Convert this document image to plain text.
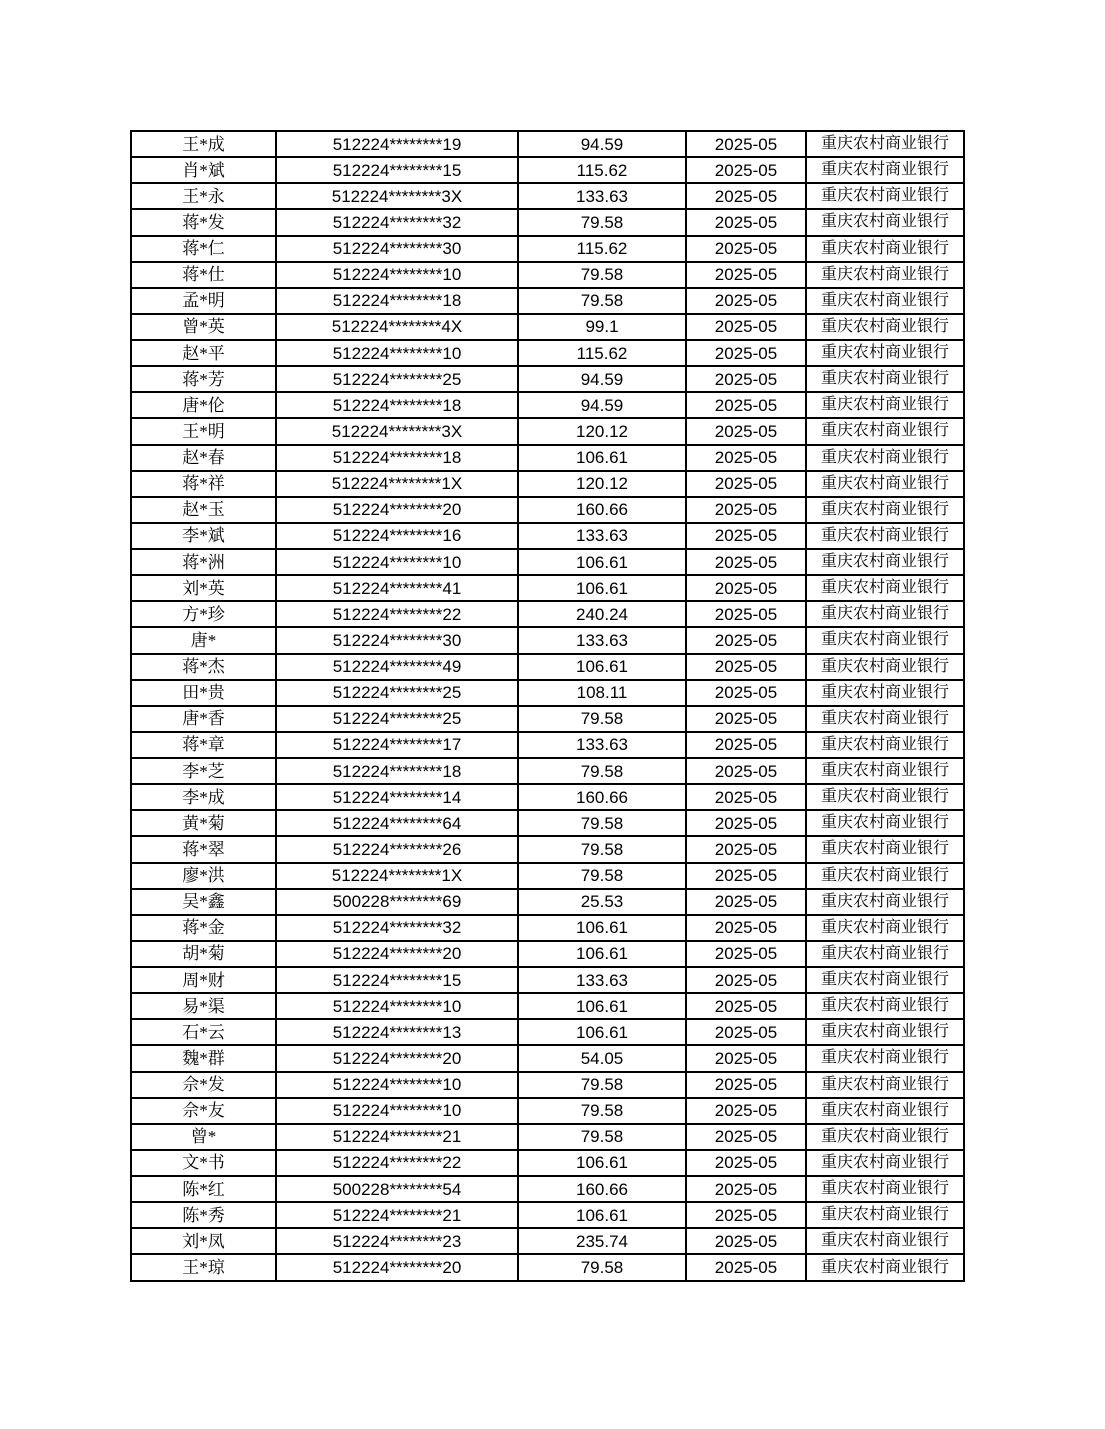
王*成	512224********19	94.59	2025-05	重庆农村商业银行
肖*斌	512224********15	115.62	2025-05	重庆农村商业银行
王*永	512224********3X	133.63	2025-05	重庆农村商业银行
蒋*发	512224********32	79.58	2025-05	重庆农村商业银行
蒋*仁	512224********30	115.62	2025-05	重庆农村商业银行
蒋*仕	512224********10	79.58	2025-05	重庆农村商业银行
孟*明	512224********18	79.58	2025-05	重庆农村商业银行
曾*英	512224********4X	99.1	2025-05	重庆农村商业银行
赵*平	512224********10	115.62	2025-05	重庆农村商业银行
蒋*芳	512224********25	94.59	2025-05	重庆农村商业银行
唐*伦	512224********18	94.59	2025-05	重庆农村商业银行
王*明	512224********3X	120.12	2025-05	重庆农村商业银行
赵*春	512224********18	106.61	2025-05	重庆农村商业银行
蒋*祥	512224********1X	120.12	2025-05	重庆农村商业银行
赵*玉	512224********20	160.66	2025-05	重庆农村商业银行
李*斌	512224********16	133.63	2025-05	重庆农村商业银行
蒋*洲	512224********10	106.61	2025-05	重庆农村商业银行
刘*英	512224********41	106.61	2025-05	重庆农村商业银行
方*珍	512224********22	240.24	2025-05	重庆农村商业银行
唐*	512224********30	133.63	2025-05	重庆农村商业银行
蒋*杰	512224********49	106.61	2025-05	重庆农村商业银行
田*贵	512224********25	108.11	2025-05	重庆农村商业银行
唐*香	512224********25	79.58	2025-05	重庆农村商业银行
蒋*章	512224********17	133.63	2025-05	重庆农村商业银行
李*芝	512224********18	79.58	2025-05	重庆农村商业银行
李*成	512224********14	160.66	2025-05	重庆农村商业银行
黄*菊	512224********64	79.58	2025-05	重庆农村商业银行
蒋*翠	512224********26	79.58	2025-05	重庆农村商业银行
廖*洪	512224********1X	79.58	2025-05	重庆农村商业银行
吴*鑫	500228********69	25.53	2025-05	重庆农村商业银行
蒋*金	512224********32	106.61	2025-05	重庆农村商业银行
胡*菊	512224********20	106.61	2025-05	重庆农村商业银行
周*财	512224********15	133.63	2025-05	重庆农村商业银行
易*渠	512224********10	106.61	2025-05	重庆农村商业银行
石*云	512224********13	106.61	2025-05	重庆农村商业银行
魏*群	512224********20	54.05	2025-05	重庆农村商业银行
佘*发	512224********10	79.58	2025-05	重庆农村商业银行
佘*友	512224********10	79.58	2025-05	重庆农村商业银行
曾*	512224********21	79.58	2025-05	重庆农村商业银行
文*书	512224********22	106.61	2025-05	重庆农村商业银行
陈*红	500228********54	160.66	2025-05	重庆农村商业银行
陈*秀	512224********21	106.61	2025-05	重庆农村商业银行
刘*凤	512224********23	235.74	2025-05	重庆农村商业银行
王*琼	512224********20	79.58	2025-05	重庆农村商业银行
